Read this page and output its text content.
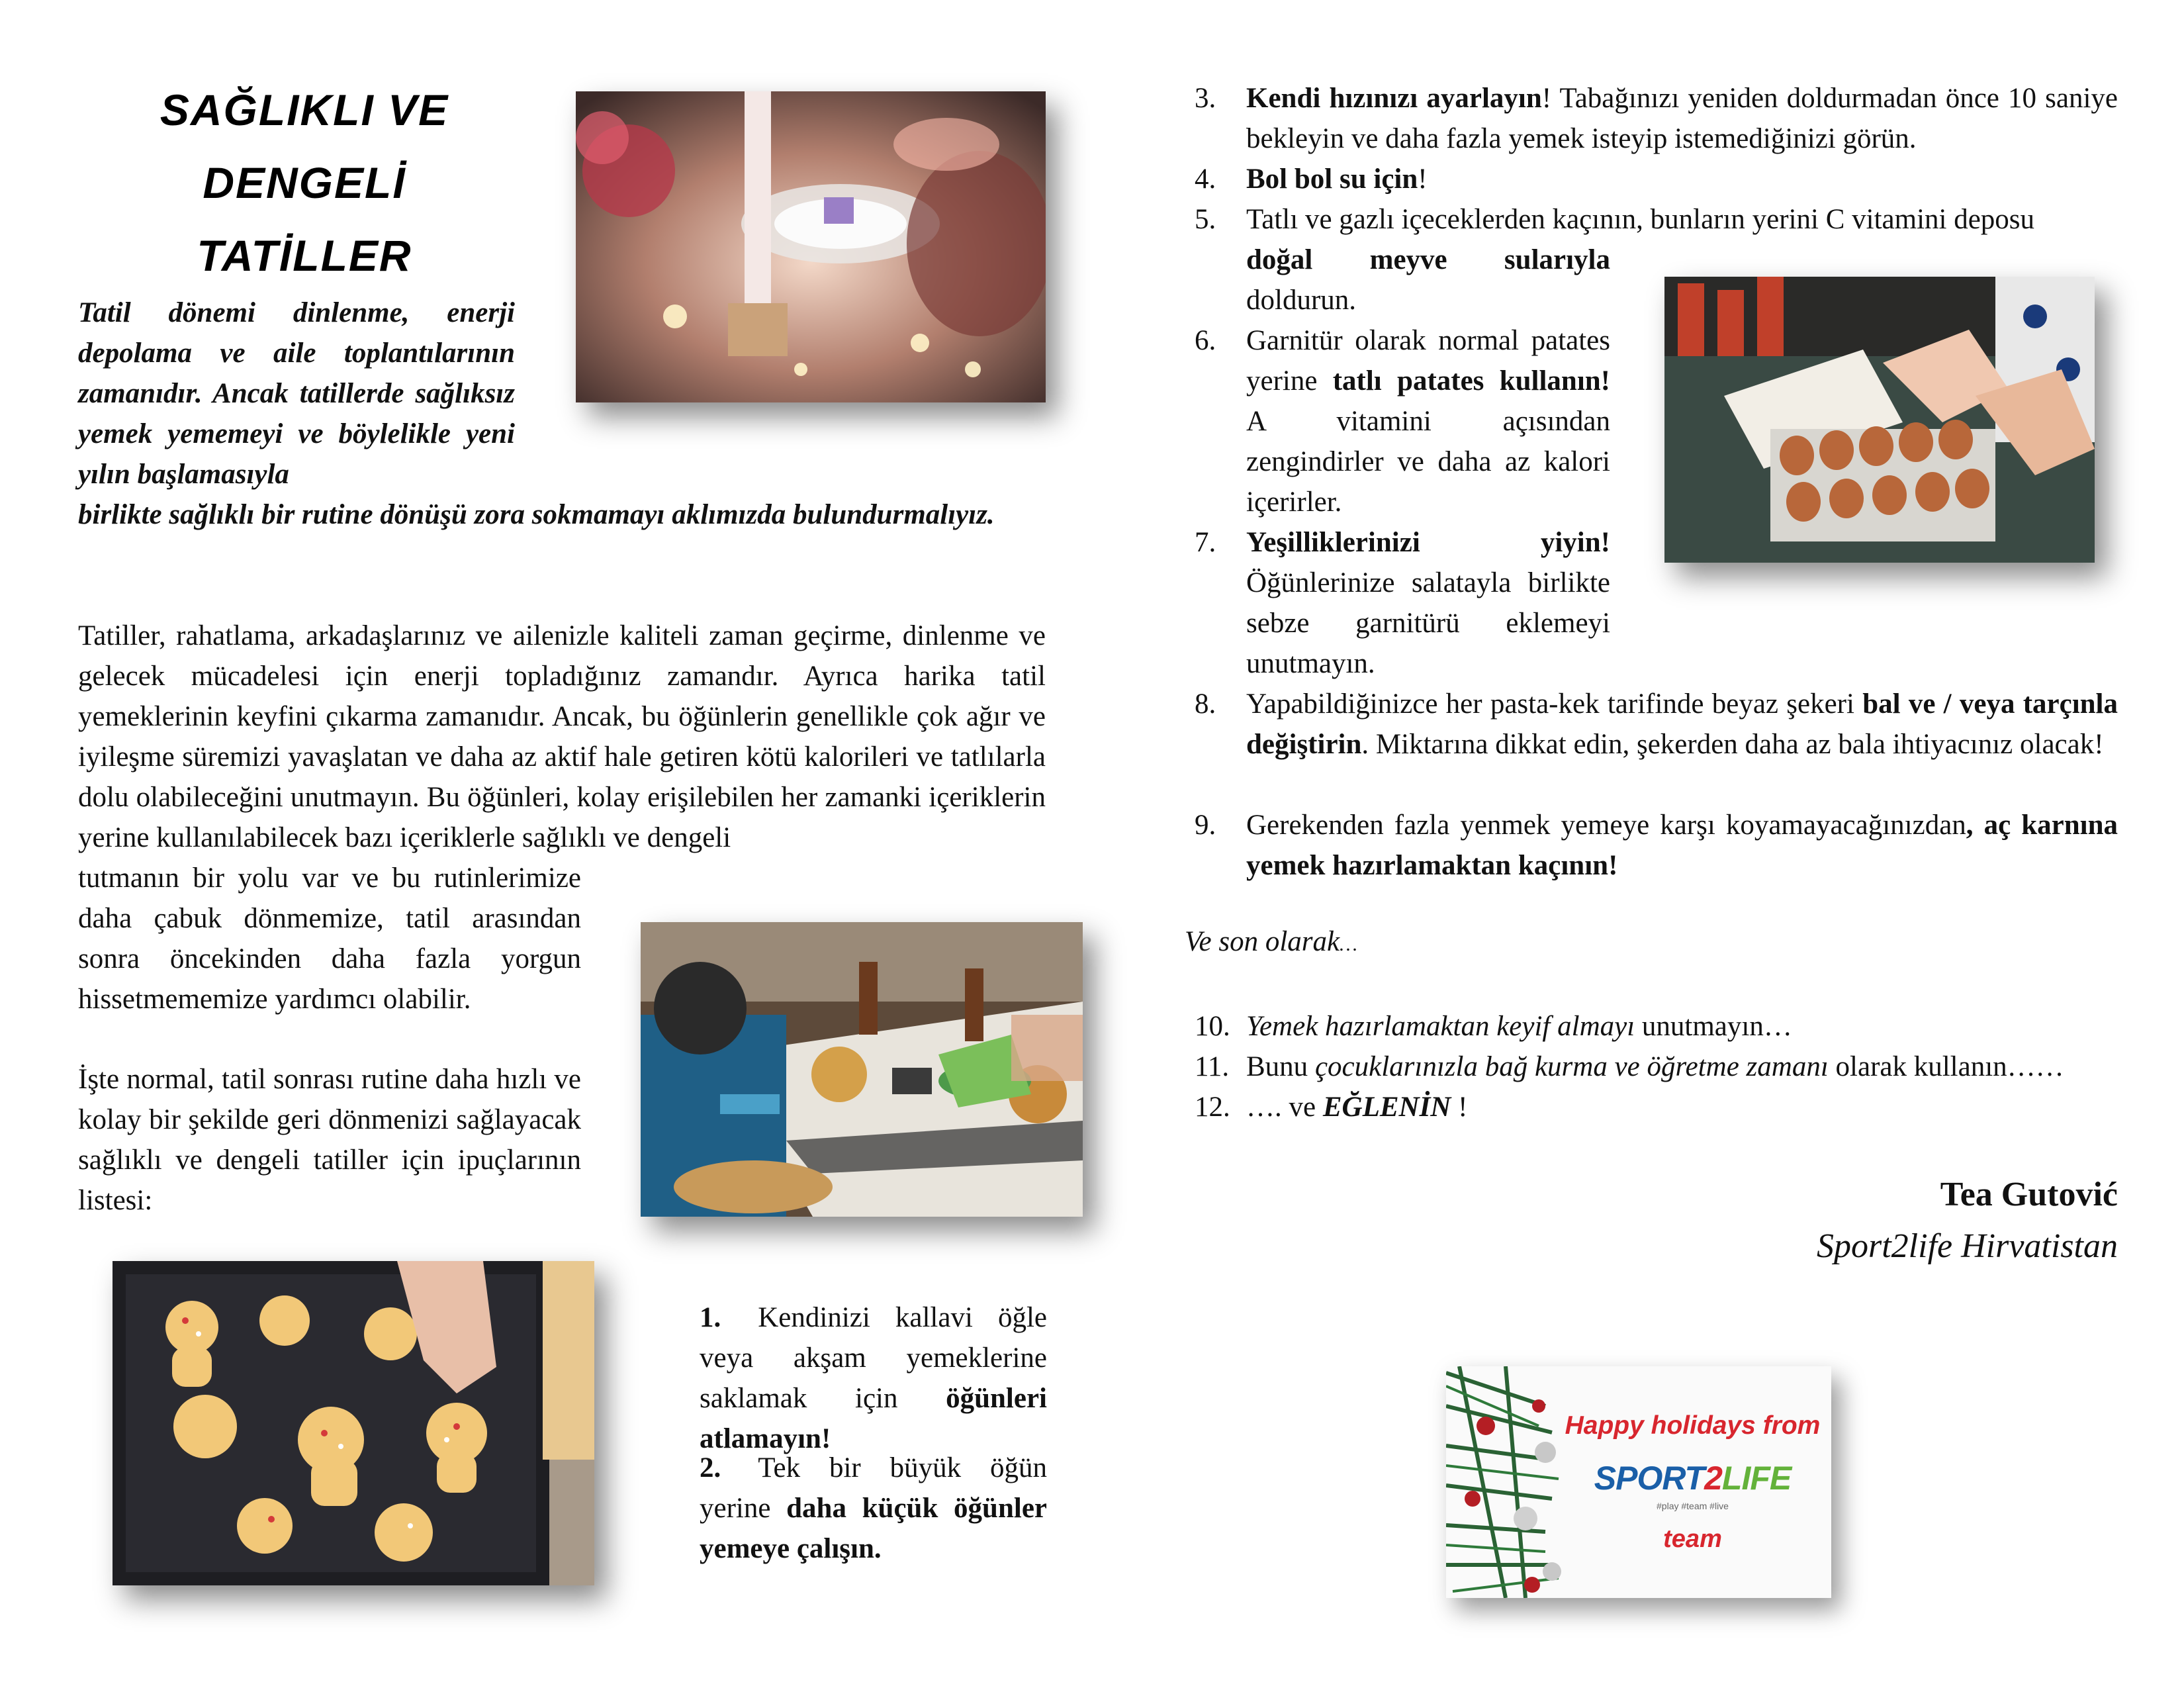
SAĞLIKLI VE
DENGELİ
TATİLLER
Tatil dönemi dinlenme, enerji depolama ve aile toplantılarının zamanıdır. Ancak tatillerde sağlıksız yemek yememeyi ve böylelikle yeni yılın başlamasıyla
birlikte sağlıklı bir rutine dönüşü zora sokmamayı aklımızda bulundurmalıyız.
Tatiller, rahatlama, arkadaşlarınız ve ailenizle kaliteli zaman geçirme, dinlenme ve gelecek mücadelesi için enerji topladığınız zamandır. Ayrıca harika tatil yemeklerinin keyfini çıkarma zamanıdır. Ancak, bu öğünlerin genellikle çok ağır ve iyileşme süremizi yavaşlatan ve daha az aktif hale getiren kötü kalorileri ve tatlılarla dolu olabileceğini unutmayın. Bu öğünleri, kolay erişilebilen her zamanki içeriklerin yerine kullanılabilecek bazı içeriklerle sağlıklı ve dengeli
tutmanın bir yolu var ve bu rutinlerimize daha çabuk dönmemize, tatil arasından sonra öncekinden daha fazla yorgun hissetmememize yardımcı olabilir.
İşte normal, tatil sonrası rutine daha hızlı ve kolay bir şekilde geri dönmenizi sağlayacak sağlıklı ve dengeli tatiller için ipuçlarının listesi:
1. Kendinizi kallavi öğle veya akşam yemeklerine saklamak için öğünleri atlamayın!
2. Tek bir büyük öğün yerine daha küçük öğünler yemeye çalışın.
3. Kendi hızınızı ayarlayın! Tabağınızı yeniden doldurmadan önce 10 saniye bekleyin ve daha fazla yemek isteyip istemediğinizi görün.
4. Bol bol su için!
5. Tatlı ve gazlı içeceklerden kaçının, bunların yerini C vitamini deposu
doğal meyve sularıyla
doldurun.
6. Garnitür olarak normal patates yerine tatlı patates kullanın! A vitamini açısından zengindirler ve daha az kalori içerirler.
7. Yeşilliklerinizi yiyin! Öğünlerinize salatayla birlikte sebze garnitürü eklemeyi unutmayın.
8. Yapabildiğinizce her pasta-kek tarifinde beyaz şekeri bal ve / veya tarçınla değiştirin. Miktarına dikkat edin, şekerden daha az bala ihtiyacınız olacak!
9. Gerekenden fazla yenmek yemeye karşı koyamayacağınızdan, aç karnına yemek hazırlamaktan kaçının!
Ve son olarak…
10. Yemek hazırlamaktan keyif almayı unutmayın…
11. Bunu çocuklarınızla bağ kurma ve öğretme zamanı olarak kullanın……
12. …. ve EĞLENİN !
Tea Gutović
Sport2life Hirvatistan
Happy holidays from
SPORT2LIFE
#play #team #live
team
